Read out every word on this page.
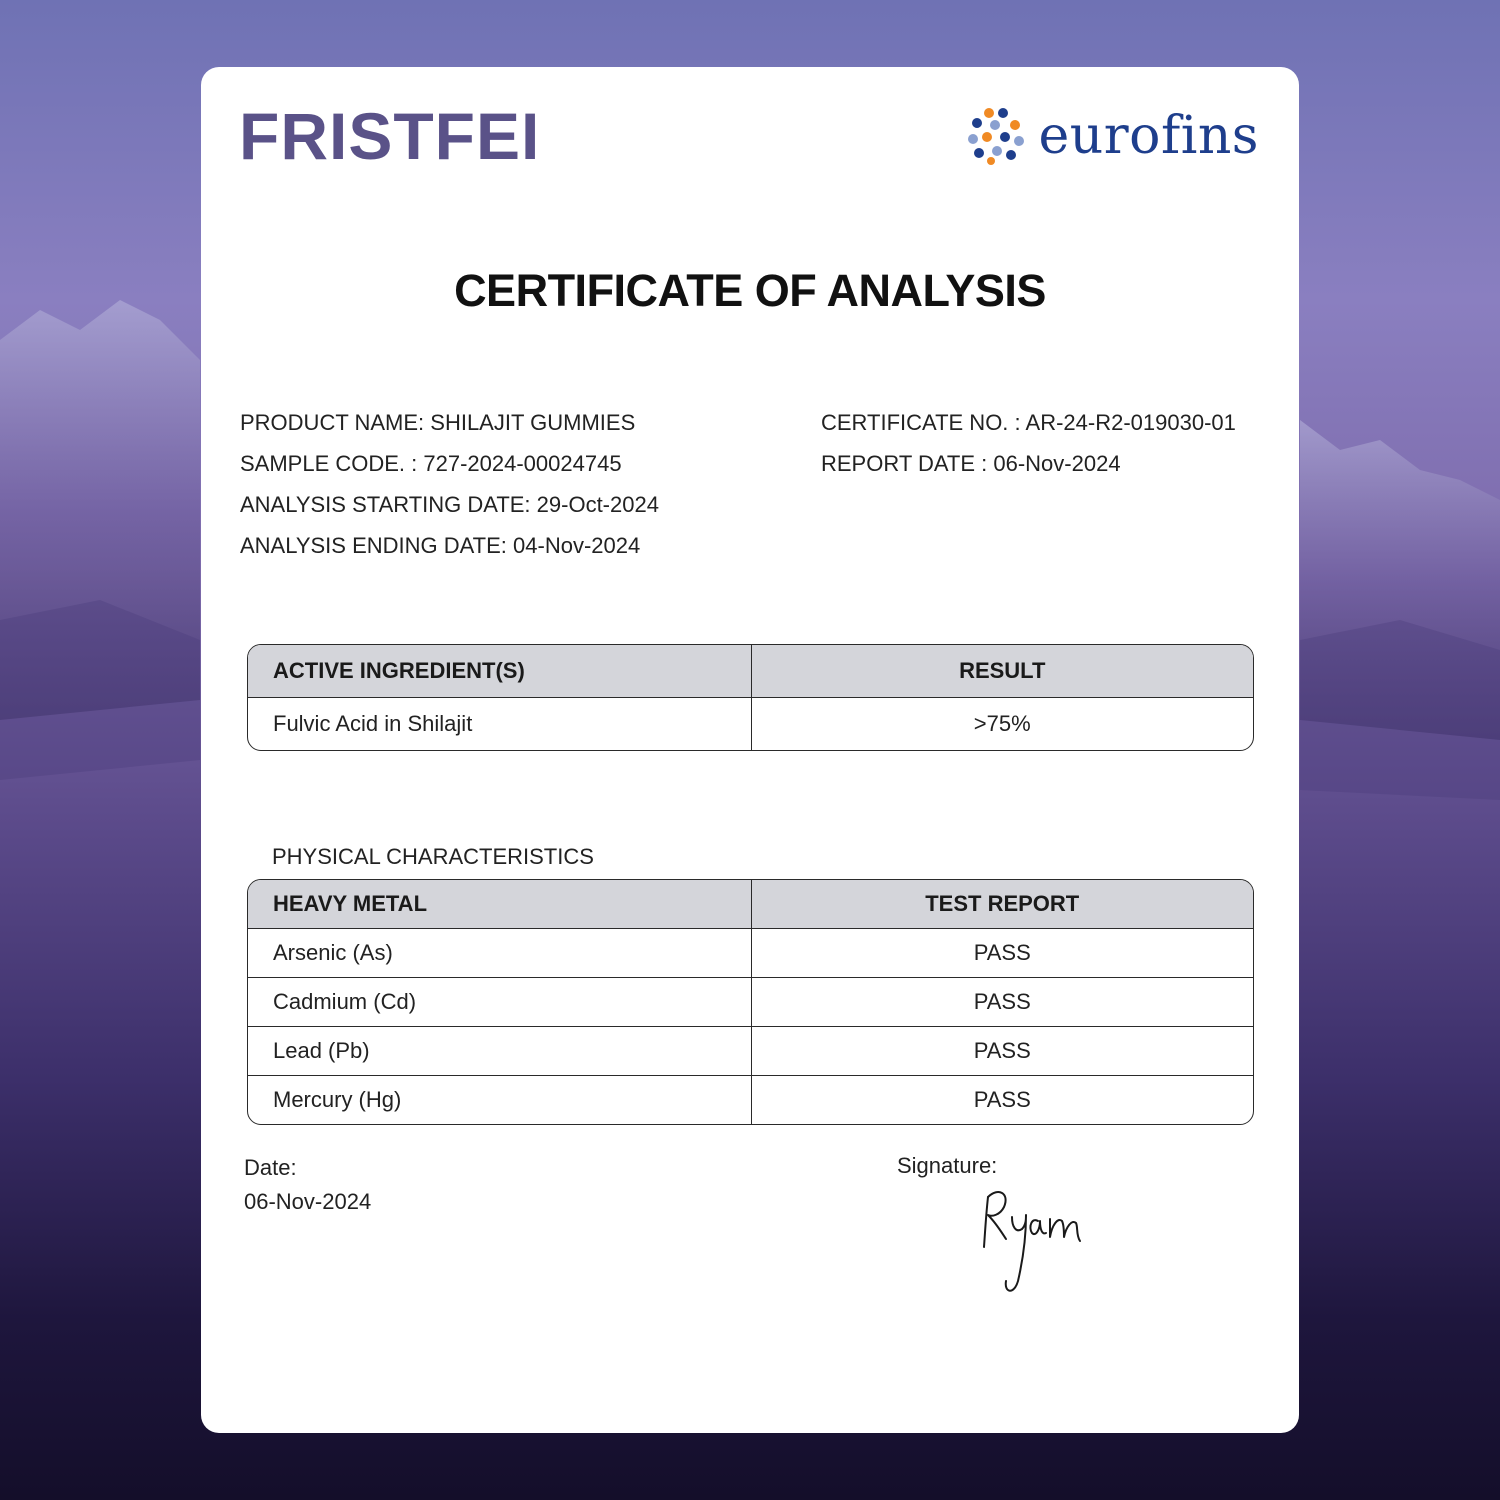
FRISTFEI	eurofins
CERTIFICATE OF ANALYSIS
PRODUCT NAME: SHILAJIT GUMMIES
SAMPLE CODE. : 727-2024-00024745
ANALYSIS STARTING DATE: 29-Oct-2024
ANALYSIS ENDING DATE: 04-Nov-2024
CERTIFICATE NO. : AR-24-R2-019030-01
REPORT DATE : 06-Nov-2024
ACTIVE INGREDIENT(S)	RESULT
Fulvic Acid in Shilajit	>75%
PHYSICAL CHARACTERISTICS
HEAVY METAL	TEST REPORT
Arsenic (As)	PASS
Cadmium (Cd)	PASS
Lead (Pb)	PASS
Mercury (Hg)	PASS
Date:
06-Nov-2024
Signature:
